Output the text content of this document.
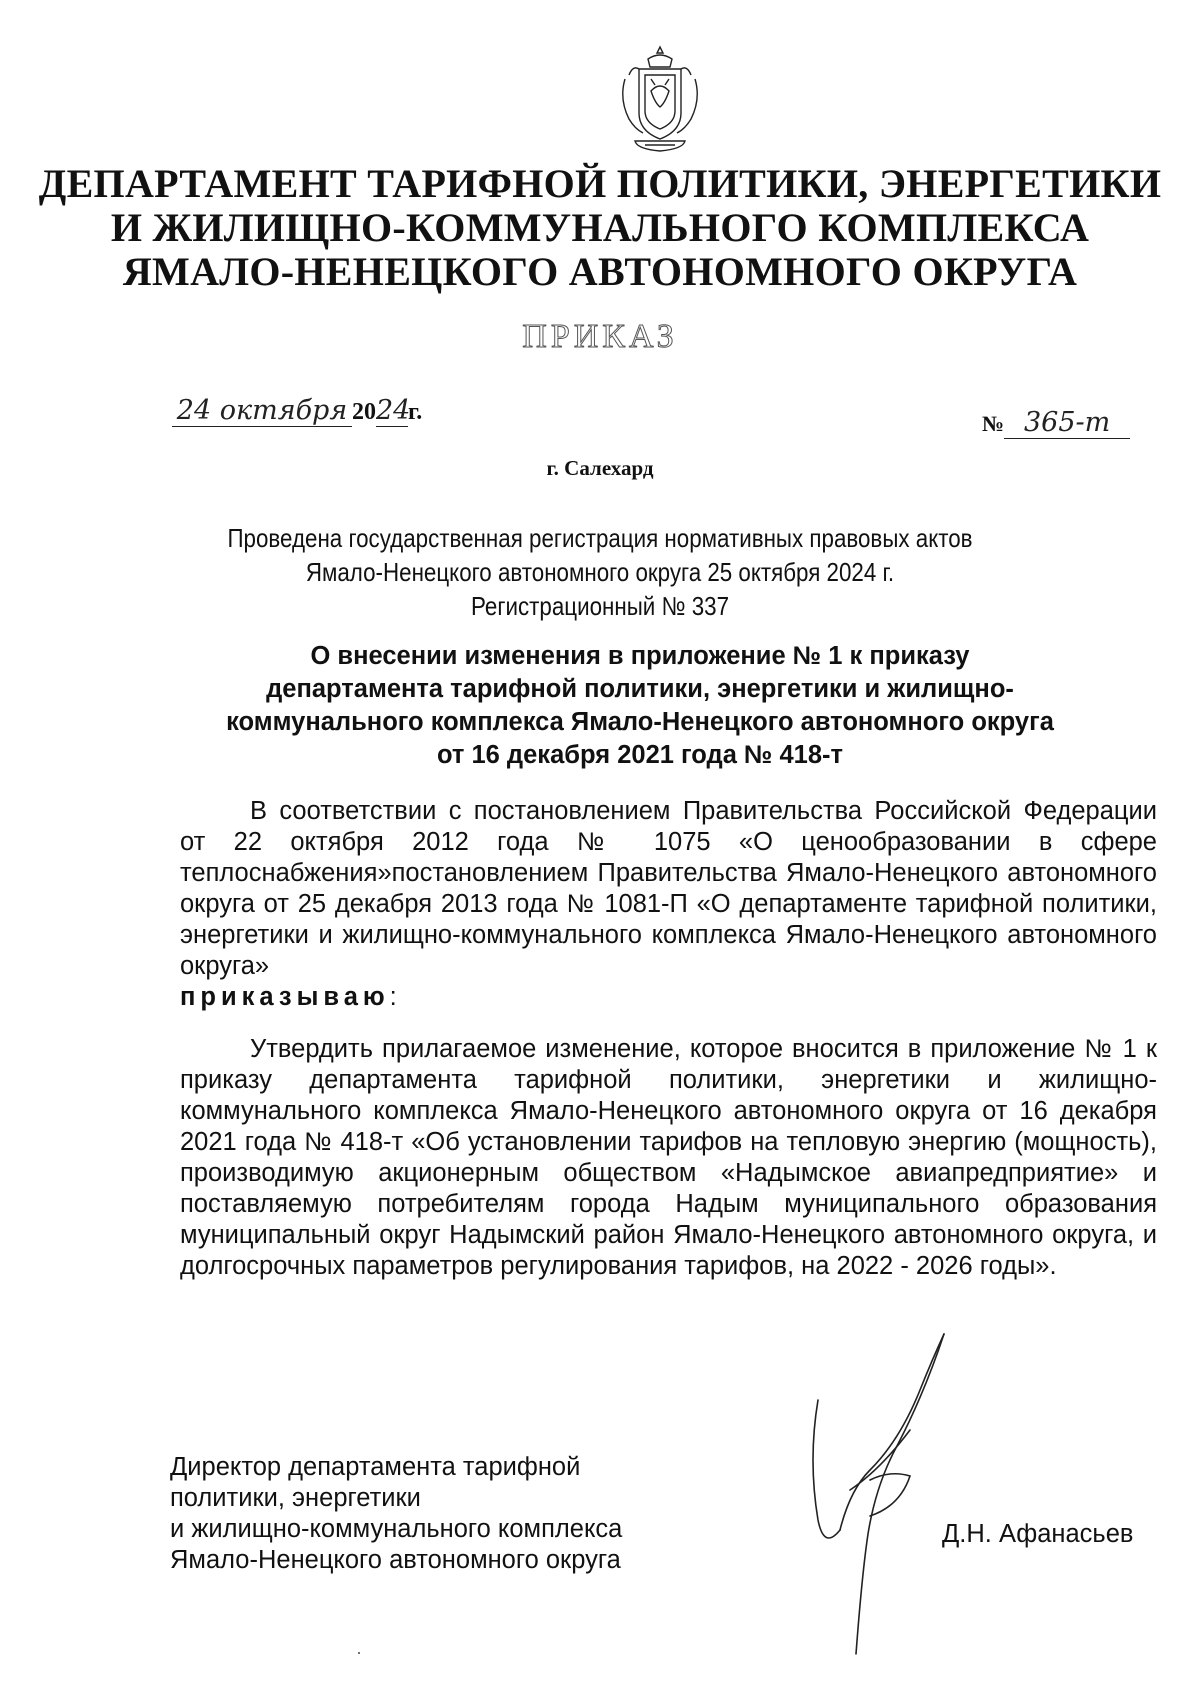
ДЕПАРТАМЕНТ ТАРИФНОЙ ПОЛИТИКИ, ЭНЕРГЕТИКИ
И ЖИЛИЩНО-КОММУНАЛЬНОГО КОМПЛЕКСА
ЯМАЛО-НЕНЕЦКОГО АВТОНОМНОГО ОКРУГА
ПРИКАЗ
24 октября 2024г.	№ 365-т
г. Салехард
Проведена государственная регистрация нормативных правовых актов
Ямало-Ненецкого автономного округа 25 октября 2024 г.
Регистрационный № 337
О внесении изменения в приложение № 1 к приказу
департамента тарифной политики, энергетики и жилищно-
коммунального комплекса Ямало-Ненецкого автономного округа
от 16 декабря 2021 года № 418-т
В соответствии с постановлением Правительства Российской Федерации от 22 октября 2012 года № 1075 «О ценообразовании в сфере теплоснабжения»постановлением Правительства Ямало-Ненецкого автономного округа от 25 декабря 2013 года № 1081-П «О департаменте тарифной политики, энергетики и жилищно-коммунального комплекса Ямало-Ненецкого автономного округа»
приказываю:
Утвердить прилагаемое изменение, которое вносится в приложение № 1 к приказу департамента тарифной политики, энергетики и жилищно-коммунального комплекса Ямало-Ненецкого автономного округа от 16 декабря 2021 года № 418-т «Об установлении тарифов на тепловую энергию (мощность), производимую акционерным обществом «Надымское авиапредприятие» и поставляемую потребителям города Надым муниципального образования муниципальный округ Надымский район Ямало-Ненецкого автономного округа, и долгосрочных параметров регулирования тарифов, на 2022 - 2026 годы».
Директор департамента тарифной
политики, энергетики
и жилищно-коммунального комплекса
Ямало-Ненецкого автономного округа
Д.Н. Афанасьев
